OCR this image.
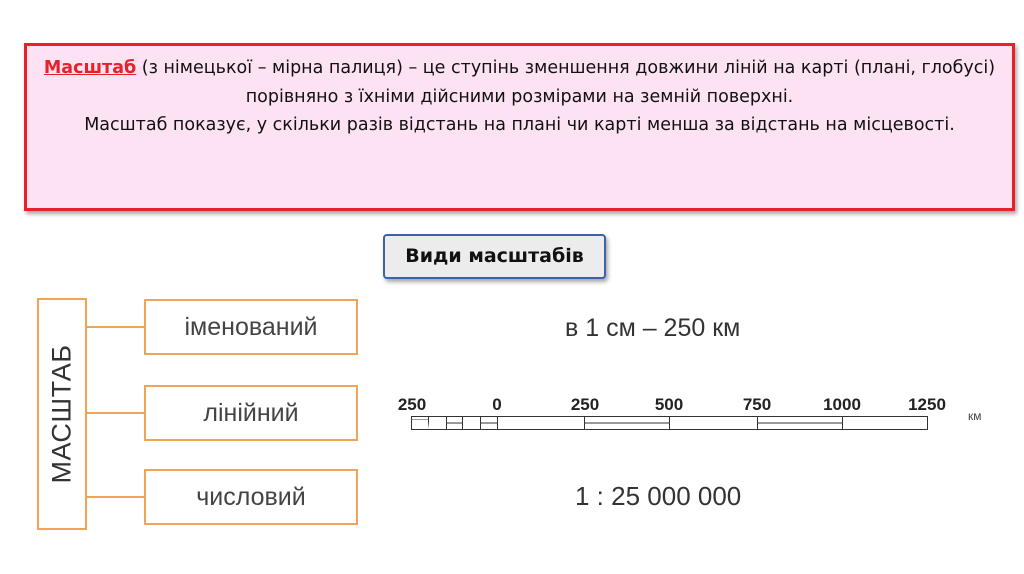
Масштаб (з німецької – мірна палиця) – це ступінь зменшення довжини ліній на карті (плані, глобусі) порівняно з їхніми дійсними розмірами на земній поверхні.
Масштаб показує, у скільки разів відстань на плані чи карті менша за відстань на місцевості.
Види масштабів
МАСШТАБ
іменований
лінійний
числовий
в 1 см – 250 км
250	0	250	500	750	1000	1250
км
1 : 25 000 000
